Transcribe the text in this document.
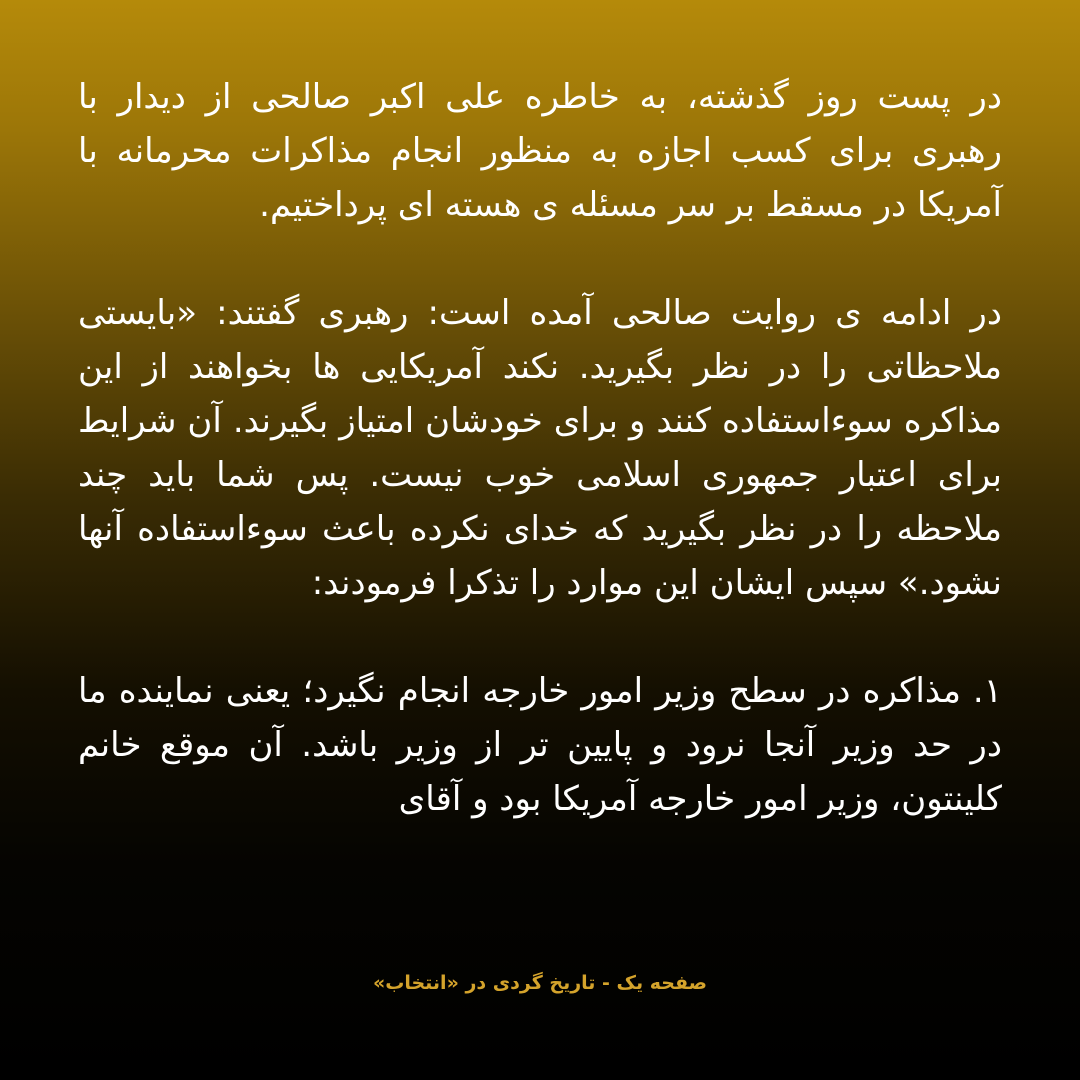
در پست روز گذشته، به خاطره علی اکبر صالحی از دیدار با رهبری برای کسب اجازه به منظور انجام مذاکرات محرمانه با آمریکا در مسقط بر سر مسئله ی هسته ای پرداختیم.

در ادامه ی روایت صالحی آمده است: رهبری گفتند: «بایستی ملاحظاتی را در نظر بگیرید. نکند آمریکایی ها بخواهند از این مذاکره سوءاستفاده کنند و برای خودشان امتیاز بگیرند. آن شرایط برای اعتبار جمهوری اسلامی خوب نیست. پس شما باید چند ملاحظه را در نظر بگیرید که خدای نکرده باعث سوءاستفاده آنها نشود.» سپس ایشان این موارد را تذکرا فرمودند:

۱.مذاکره در سطح وزیر امور خارجه انجام نگیرد؛ یعنی نماینده ما در حد وزیر آنجا نرود و پایین تر از وزیر باشد. آن موقع خانم کلینتون، وزیر امور خارجه آمریکا بود و آقای

صفحه یک - تاریخ گردی در «انتخاب»
